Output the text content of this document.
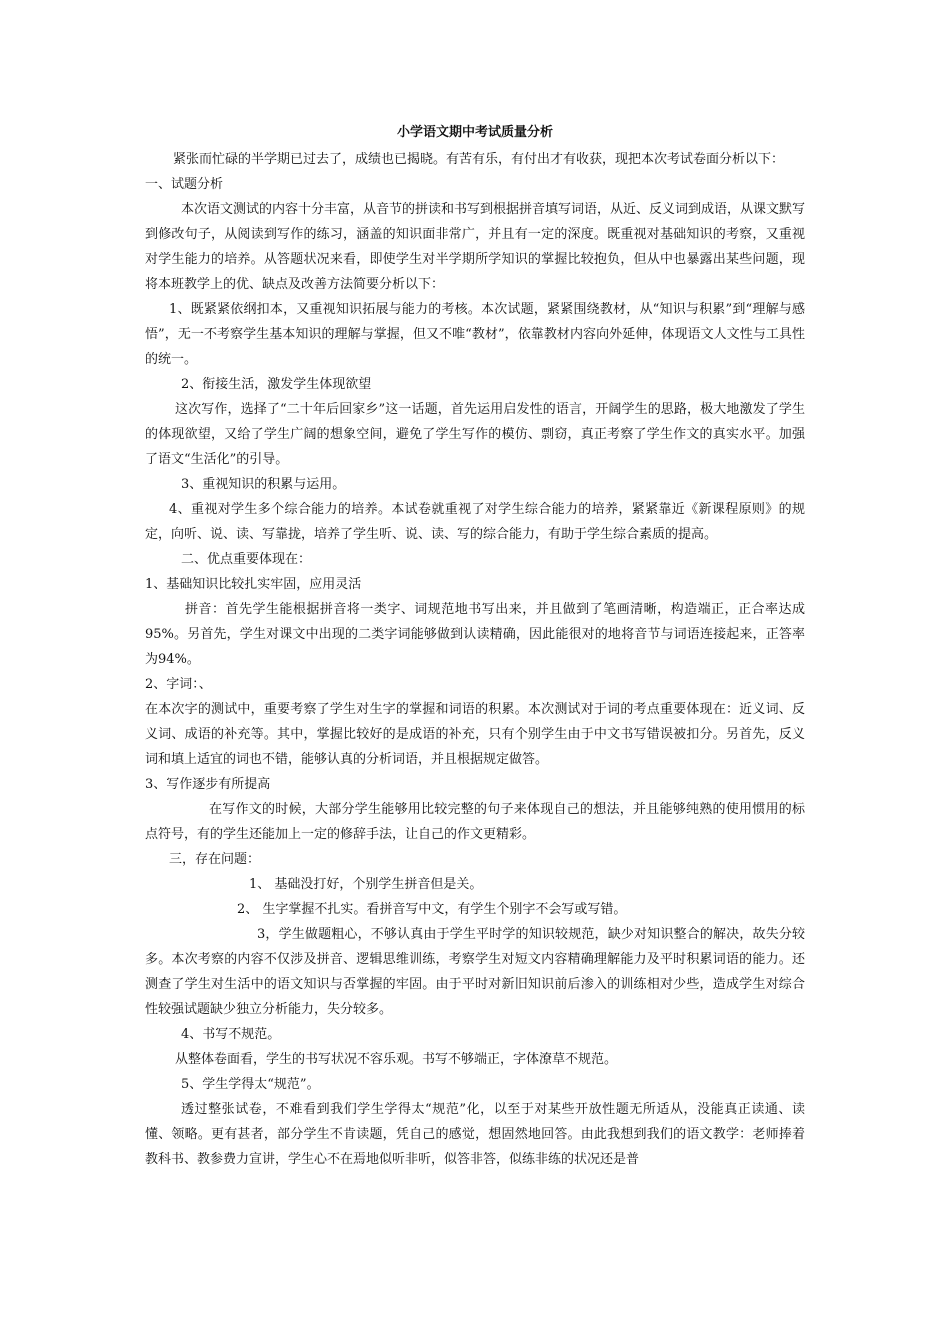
小学语文期中考试质量分析

紧张而忙碌的半学期已过去了，成绩也已揭晓。有苦有乐，有付出才有收获，现把本次考试卷面分析以下：

一、试题分析

本次语文测试的内容十分丰富，从音节的拼读和书写到根据拼音填写词语，从近、反义词到成语，从课文默写到修改句子，从阅读到写作的练习，涵盖的知识面非常广，并且有一定的深度。既重视对基础知识的考察，又重视对学生能力的培养。从答题状况来看，即使学生对半学期所学知识的掌握比较抱负，但从中也暴露出某些问题，现将本班教学上的优、缺点及改善方法简要分析以下：

1、既紧紧依纲扣本，又重视知识拓展与能力的考核。本次试题，紧紧围绕教材，从“知识与积累”到“理解与感悟”，无一不考察学生基本知识的理解与掌握，但又不唯“教材”，依靠教材内容向外延伸，体现语文人文性与工具性的统一。

2、衔接生活，激发学生体现欲望

这次写作，选择了“二十年后回家乡”这一话题，首先运用启发性的语言，开阔学生的思路，极大地激发了学生的体现欲望，又给了学生广阔的想象空间，避免了学生写作的模仿、剽窃，真正考察了学生作文的真实水平。加强了语文“生活化”的引导。

3、重视知识的积累与运用。

4、重视对学生多个综合能力的培养。本试卷就重视了对学生综合能力的培养，紧紧靠近《新课程原则》的规定，向听、说、读、写靠拢，培养了学生听、说、读、写的综合能力，有助于学生综合素质的提高。

二、优点重要体现在：

1、基础知识比较扎实牢固，应用灵活

拼音：首先学生能根据拼音将一类字、词规范地书写出来，并且做到了笔画清晰，构造端正，正合率达成95%。另首先，学生对课文中出现的二类字词能够做到认读精确，因此能很对的地将音节与词语连接起来，正答率为94%。

2、字词：、

在本次字的测试中，重要考察了学生对生字的掌握和词语的积累。本次测试对于词的考点重要体现在：近义词、反义词、成语的补充等。其中，掌握比较好的是成语的补充，只有个别学生由于中文书写错误被扣分。另首先，反义词和填上适宜的词也不错，能够认真的分析词语，并且根据规定做答。

3、写作逐步有所提高

在写作文的时候，大部分学生能够用比较完整的句子来体现自己的想法，并且能够纯熟的使用惯用的标点符号，有的学生还能加上一定的修辞手法，让自己的作文更精彩。

三，存在问题：

1、 基础没打好，个别学生拼音但是关。

2、 生字掌握不扎实。看拼音写中文，有学生个别字不会写或写错。

3，学生做题粗心，不够认真由于学生平时学的知识较规范，缺少对知识整合的解决，故失分较多。本次考察的内容不仅涉及拼音、逻辑思维训练，考察学生对短文内容精确理解能力及平时积累词语的能力。还测查了学生对生活中的语文知识与否掌握的牢固。由于平时对新旧知识前后渗入的训练相对少些，造成学生对综合性较强试题缺少独立分析能力，失分较多。

4、书写不规范。

从整体卷面看，学生的书写状况不容乐观。书写不够端正，字体潦草不规范。

5、学生学得太“规范”。

透过整张试卷，不难看到我们学生学得太“规范”化，以至于对某些开放性题无所适从，没能真正读通、读懂、领略。更有甚者，部分学生不肯读题，凭自己的感觉，想固然地回答。由此我想到我们的语文教学：老师捧着教科书、教参费力宣讲，学生心不在焉地似听非听，似答非答，似练非练的状况还是普
